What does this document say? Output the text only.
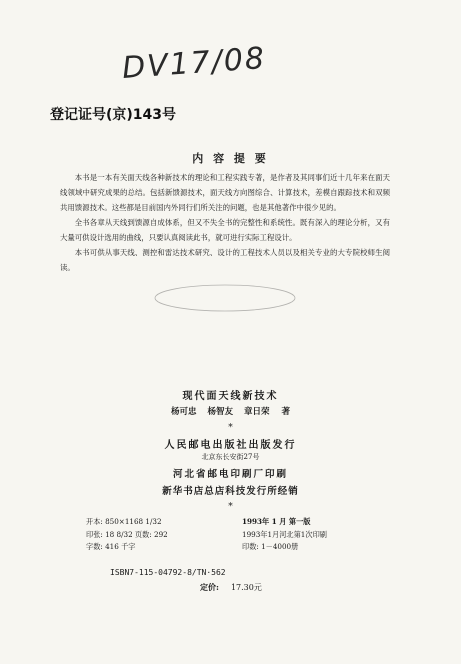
DV17/08
登记证号(京)143号
内 容 提 要

本书是一本有关面天线各种新技术的理论和工程实践专著，是作者及其同事们近十几年来在面天线领域中研究成果的总结。包括新馈源技术，面天线方向图综合、计算技术，差模自跟踪技术和双频共用馈源技术。这些都是目前国内外同行们所关注的问题，也是其他著作中很少见的。

全书各章从天线到馈源自成体系，但又不失全书的完整性和系统性。既有深入的理论分析，又有大量可供设计选用的曲线，只要认真阅读此书，就可进行实际工程设计。

本书可供从事天线、测控和雷达技术研究、设计的工程技术人员以及相关专业的大专院校师生阅读。

现代面天线新技术
杨可忠 杨智友 章日荣 著
*
人民邮电出版社出版发行
北京东长安街27号
河北省邮电印刷厂印刷
新华书店总店科技发行所经销
*
开本: 850×1168 1/32	1993年 1 月 第一版
印张: 18 8/32 页数: 292	1993年1月河北第1次印刷
字数: 416 千字	印数: 1－4000册
ISBN7-115-04792-8/TN·562
定价: 17.30元
